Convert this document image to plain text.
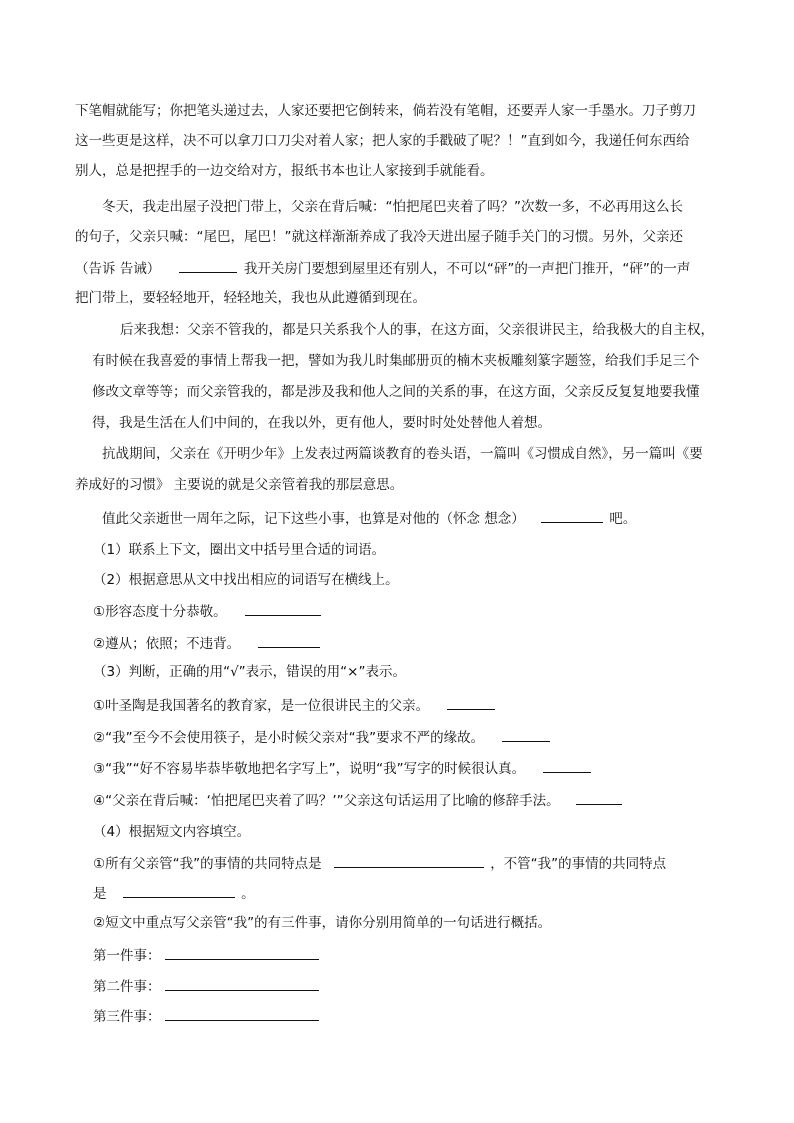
下笔帽就能写；你把笔头递过去，人家还要把它倒转来，倘若没有笔帽，还要弄人家一手墨水。刀子剪刀
这一些更是这样，决不可以拿刀口刀尖对着人家；把人家的手戳破了呢？！”直到如今，我递任何东西给
别人，总是把捏手的一边交给对方，报纸书本也让人家接到手就能看。
冬天，我走出屋子没把门带上，父亲在背后喊：“怕把尾巴夹着了吗？”次数一多，不必再用这么长
的句子，父亲只喊：“尾巴，尾巴！”就这样渐渐养成了我冷天进出屋子随手关门的习惯。另外，父亲还
（告诉 告诫）	我开关房门要想到屋里还有别人，不可以“砰”的一声把门推开，“砰”的一声
把门带上，要轻轻地开，轻轻地关，我也从此遵循到现在。
后来我想：父亲不管我的，都是只关系我个人的事，在这方面，父亲很讲民主，给我极大的自主权，
有时候在我喜爱的事情上帮我一把，譬如为我儿时集邮册页的楠木夹板雕刻篆字题签，给我们手足三个
修改文章等等；而父亲管我的，都是涉及我和他人之间的关系的事，在这方面，父亲反反复复地要我懂
得，我是生活在人们中间的，在我以外，更有他人，要时时处处替他人着想。
抗战期间，父亲在《开明少年》上发表过两篇谈教育的卷头语，一篇叫《习惯成自然》，另一篇叫《要
养成好的习惯》 主要说的就是父亲管着我的那层意思。
值此父亲逝世一周年之际，记下这些小事，也算是对他的（怀念 想念）	吧。
（1）联系上下文，圈出文中括号里合适的词语。
（2）根据意思从文中找出相应的词语写在横线上。
①形容态度十分恭敬。
②遵从；依照；不违背。
（3）判断，正确的用“√”表示，错误的用“×”表示。
①叶圣陶是我国著名的教育家，是一位很讲民主的父亲。
②“我”至今不会使用筷子，是小时候父亲对“我”要求不严的缘故。
③“我”“好不容易毕恭毕敬地把名字写上”，说明“我”写字的时候很认真。
④“父亲在背后喊：‘怕把尾巴夹着了吗？’”父亲这句话运用了比喻的修辞手法。
（4）根据短文内容填空。
①所有父亲管“我”的事情的共同特点是	，不管“我”的事情的共同特点
是	。
②短文中重点写父亲管“我”的有三件事，请你分别用简单的一句话进行概括。
第一件事：
第二件事：
第三件事：
